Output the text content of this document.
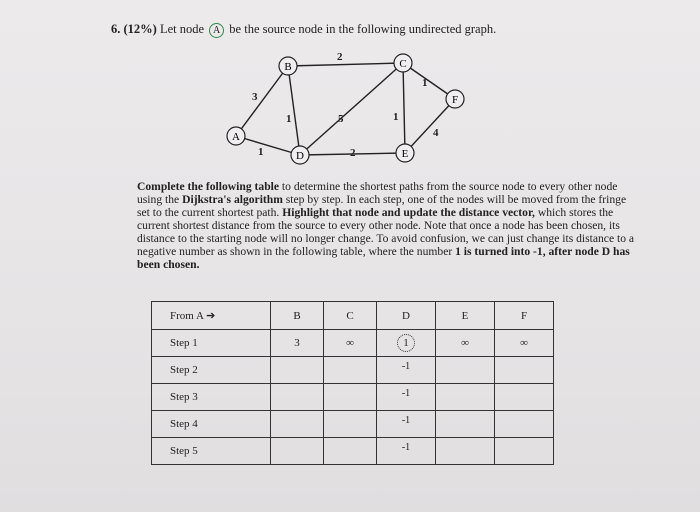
6. (12%) Let node A be the source node in the following undirected graph.
3
1
2
1	5
2
1
1
4
A
B	C
D	E
F
Complete the following table to determine the shortest paths from the source node to every other node using the Dijkstra's algorithm step by step. In each step, one of the nodes will be moved from the fringe set to the current shortest path. Highlight that node and update the distance vector, which stores the current shortest distance from the source to every other node. Note that once a node has been chosen, its distance to the starting node will no longer change. To avoid confusion, we can just change its distance to a negative number as shown in the following table, where the number 1 is turned into -1, after node D has been chosen.
From A ➔	B	C	D	E	F
Step 1	3	∞	1	∞	∞
Step 2			-1		
Step 3			-1		
Step 4			-1		
Step 5			-1		
